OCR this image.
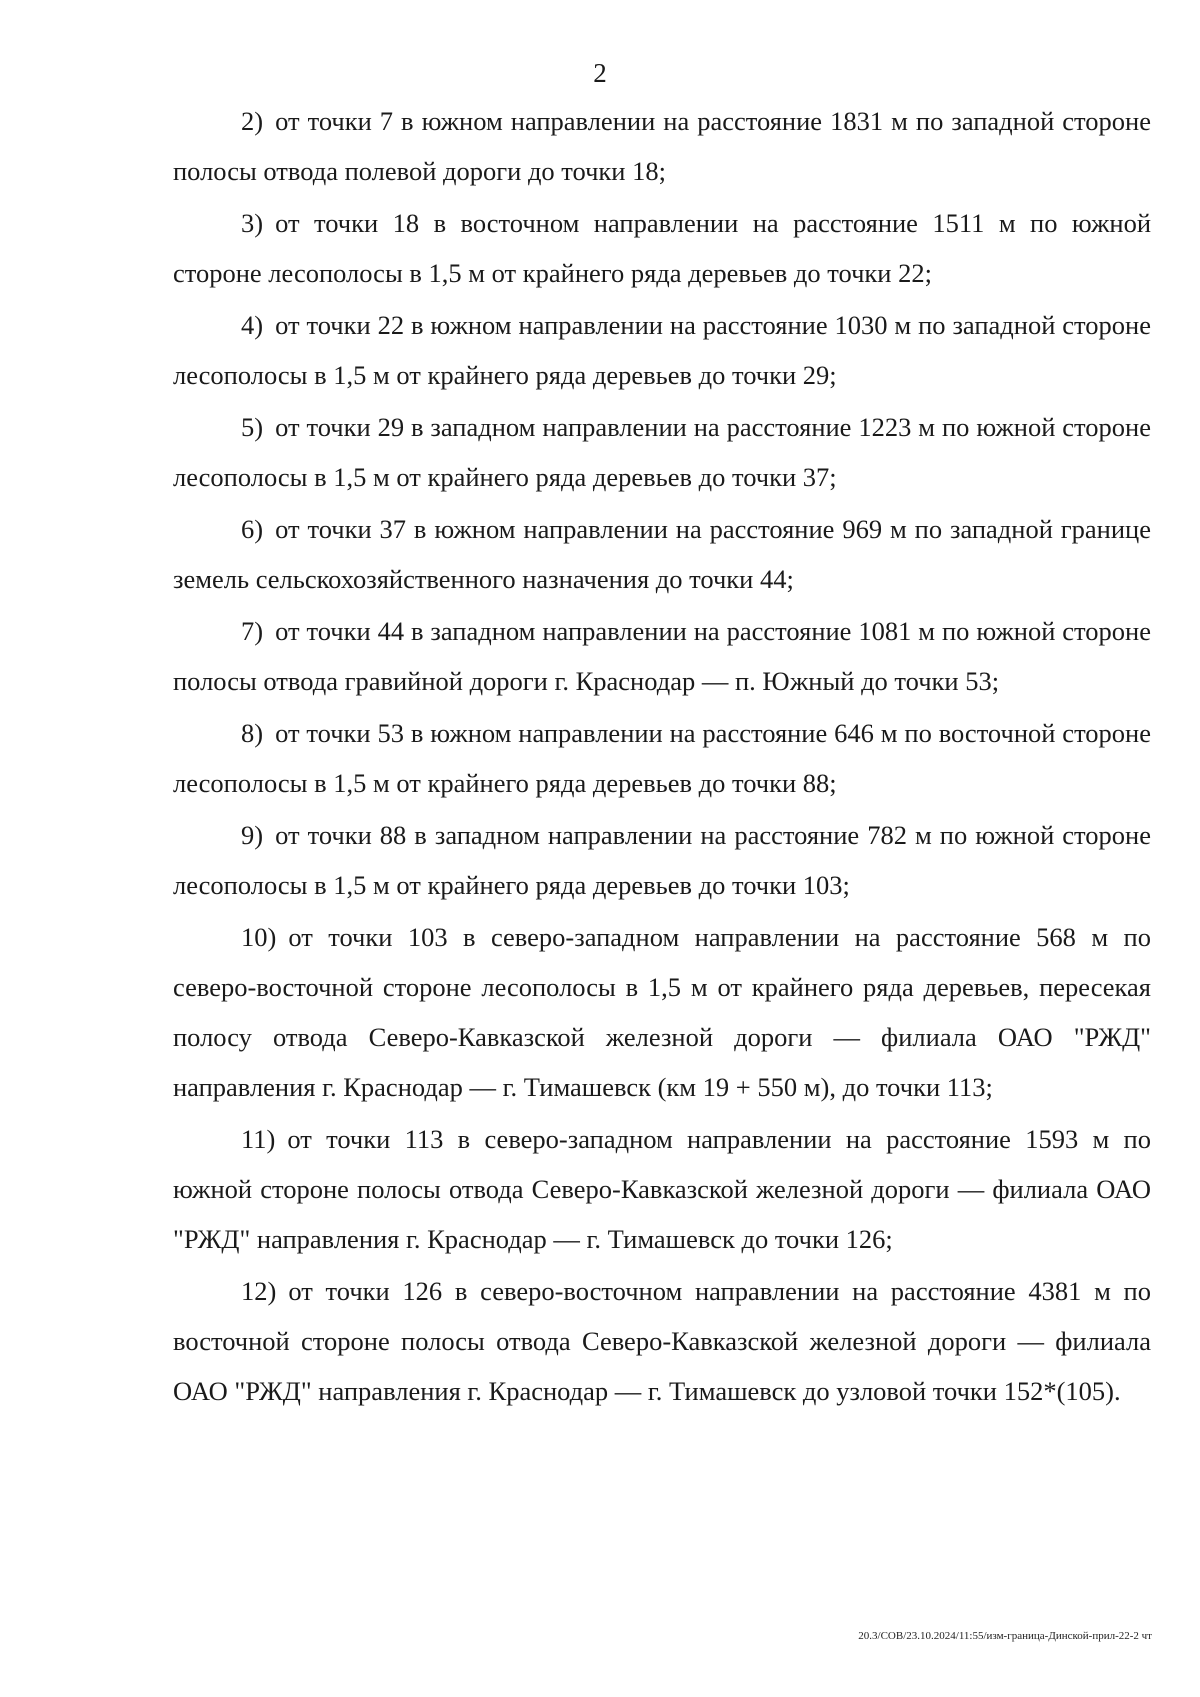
2

2) от точки 7 в южном направлении на расстояние 1831 м по западной стороне полосы отвода полевой дороги до точки 18;

3) от точки 18 в восточном направлении на расстояние 1511 м по южной стороне лесополосы в 1,5 м от крайнего ряда деревьев до точки 22;

4) от точки 22 в южном направлении на расстояние 1030 м по западной стороне лесополосы в 1,5 м от крайнего ряда деревьев до точки 29;

5) от точки 29 в западном направлении на расстояние 1223 м по южной стороне лесополосы в 1,5 м от крайнего ряда деревьев до точки 37;

6) от точки 37 в южном направлении на расстояние 969 м по западной границе земель сельскохозяйственного назначения до точки 44;

7) от точки 44 в западном направлении на расстояние 1081 м по южной стороне полосы отвода гравийной дороги г. Краснодар — п. Южный до точки 53;

8) от точки 53 в южном направлении на расстояние 646 м по восточной стороне лесополосы в 1,5 м от крайнего ряда деревьев до точки 88;

9) от точки 88 в западном направлении на расстояние 782 м по южной стороне лесополосы в 1,5 м от крайнего ряда деревьев до точки 103;

10) от точки 103 в северо-западном направлении на расстояние 568 м по северо-восточной стороне лесополосы в 1,5 м от крайнего ряда деревьев, пересекая полосу отвода Северо-Кавказской железной дороги — филиала ОАО "РЖД" направления г. Краснодар — г. Тимашевск (км 19 + 550 м), до точки 113;

11) от точки 113 в северо-западном направлении на расстояние 1593 м по южной стороне полосы отвода Северо-Кавказской железной дороги — филиала ОАО "РЖД" направления г. Краснодар — г. Тимашевск до точки 126;

12) от точки 126 в северо-восточном направлении на расстояние 4381 м по восточной стороне полосы отвода Северо-Кавказской железной дороги — филиала ОАО "РЖД" направления г. Краснодар — г. Тимашевск до узловой точки 152*(105).

20.3/СОВ/23.10.2024/11:55/изм-граница-Динской-прил-22-2 чт
